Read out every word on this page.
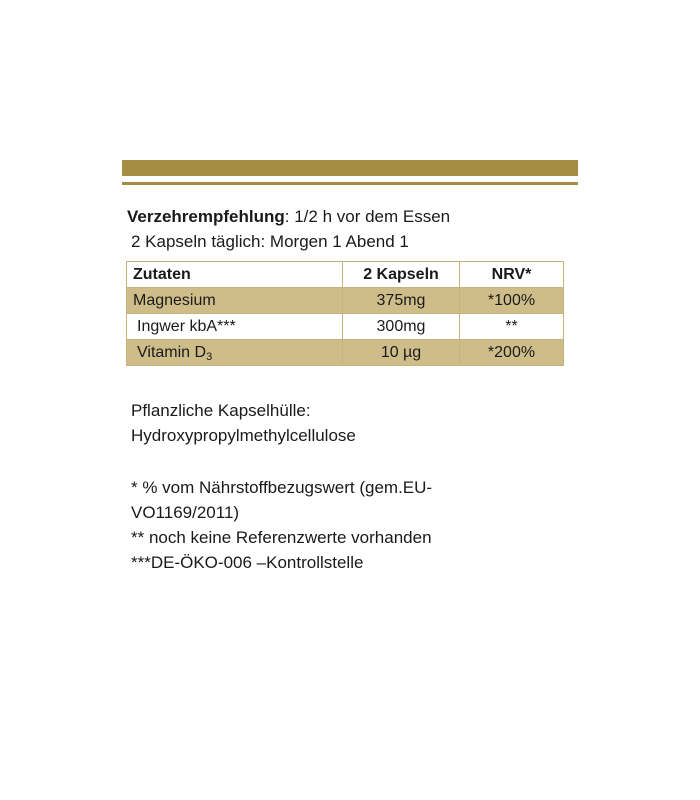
Verzehrempfehlung: 1/2 h vor dem Essen
2 Kapseln täglich: Morgen 1 Abend 1
Zutaten	2 Kapseln	NRV*
Magnesium	375mg	*100%
Ingwer kbA***	300mg	**
Vitamin $D_3$	10 µg	*200%
Pflanzliche Kapselhülle:
Hydroxypropylmethylcellulose
* % vom Nährstoffbezugswert (gem.EU-
VO1169/2011)
** noch keine Referenzwerte vorhanden
***DE-ÖKO-006 –Kontrollstelle
